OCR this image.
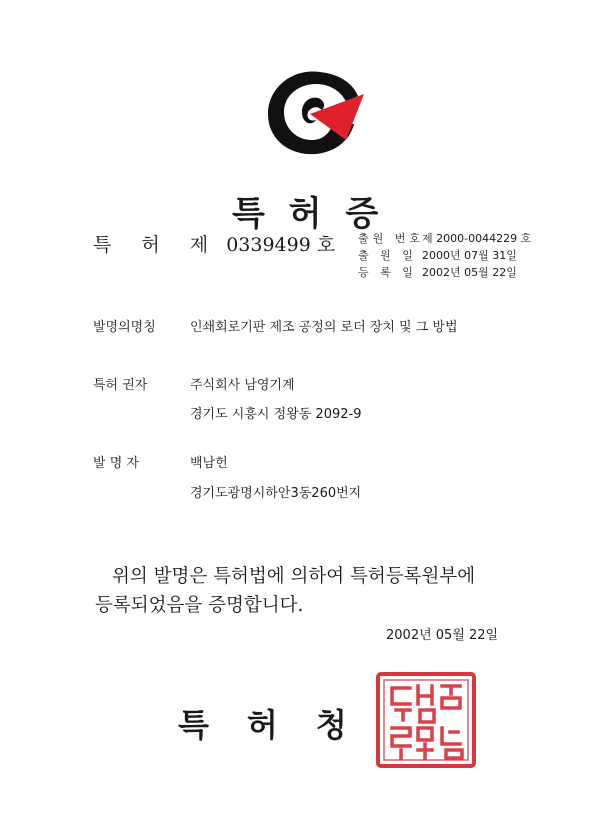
특 허 증
특 허 제 0339499 호 출원 번호제 2000-0044229 호
출 원 일 2000년 07월 31일
등 록 일 2002년 05월 22일
발명의명칭	인쇄회로기판 제조 공정의 로더 장치 및 그 방법
특허 권자	주식회사 남영기계
경기도 시흥시 정왕동 2092-9
발 명 자	백남헌
경기도광명시하안3동260번지
위의 발명은 특허법에 의하여 특허등록원부에
등록되었음을 증명합니다.
2002년 05월 22일
특허청
